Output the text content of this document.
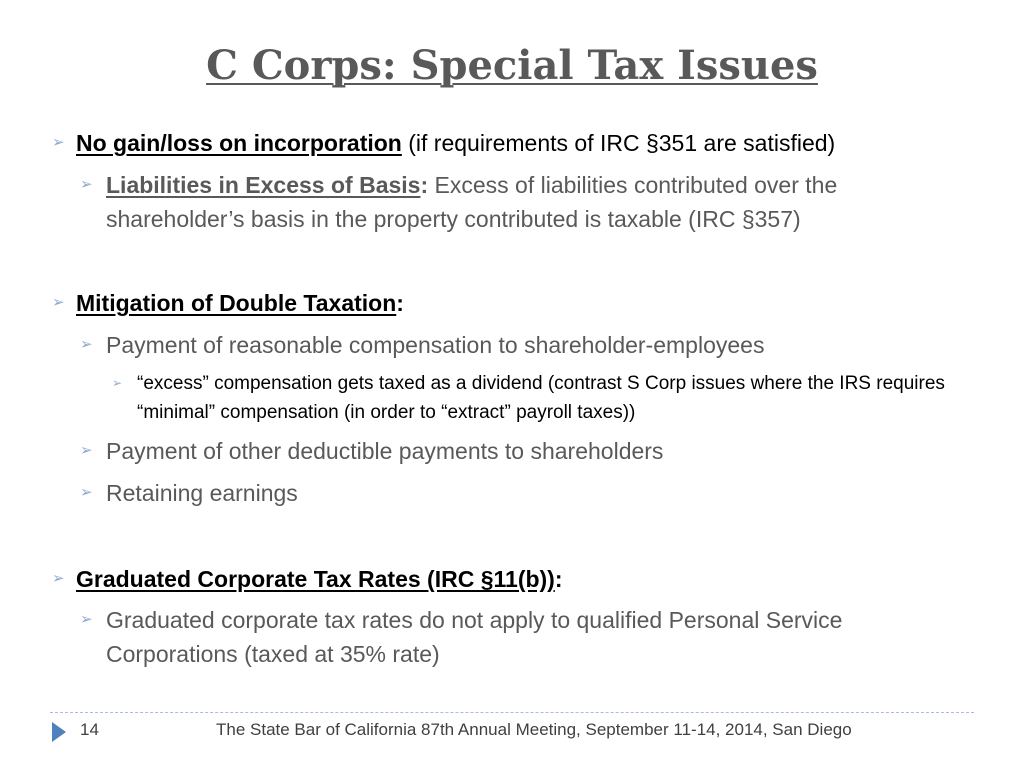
C Corps: Special Tax Issues
➢ No gain/loss on incorporation (if requirements of IRC §351 are satisfied)
➢ Liabilities in Excess of Basis: Excess of liabilities contributed over the shareholder’s basis in the property contributed is taxable (IRC §357)
➢ Mitigation of Double Taxation:
➢ Payment of reasonable compensation to shareholder-employees
➢ “excess” compensation gets taxed as a dividend (contrast S Corp issues where the IRS requires “minimal” compensation (in order to “extract” payroll taxes))
➢ Payment of other deductible payments to shareholders
➢ Retaining earnings
➢ Graduated Corporate Tax Rates (IRC §11(b)):
➢ Graduated corporate tax rates do not apply to qualified Personal Service Corporations (taxed at 35% rate)
14	The State Bar of California 87th Annual Meeting, September 11-14, 2014, San Diego
